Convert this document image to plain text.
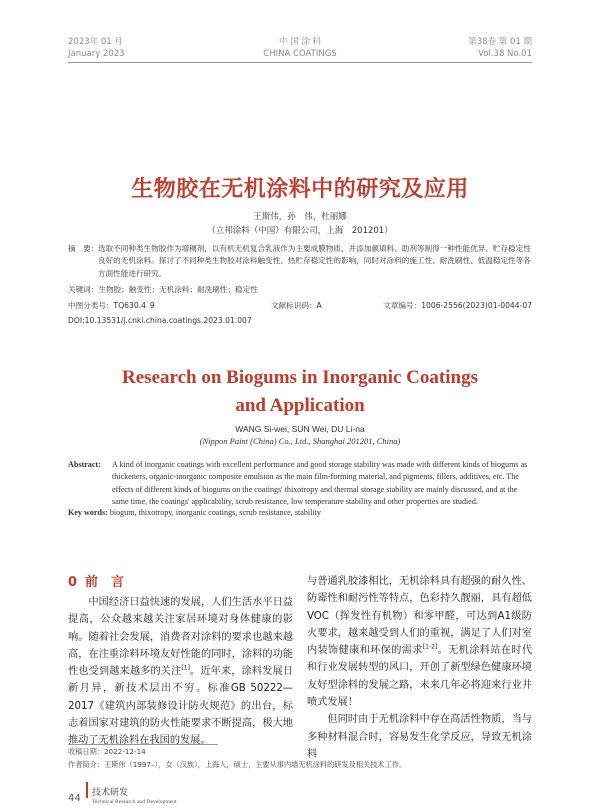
2023年 01 月
January 2023
中 国 涂 料
CHINA COATINGS
第38卷 第 01 期
Vol.38 No.01
生物胶在无机涂料中的研究及应用
王斯伟，孙　伟，杜丽娜
（立邦涂料（中国）有限公司，上海　201201）
摘　要： 选取不同种类生物胶作为增稠剂，以有机无机复合乳液作为主要成膜物质，并添加颜填料、助剂等制得一种性能优异、贮存稳定性良好的无机涂料。探讨了不同种类生物胶对涂料触变性、热贮存稳定性的影响，同时对涂料的施工性、耐洗刷性、低温稳定性等各方面性能进行研究。
关键词：生物胶；触变性；无机涂料；耐洗刷性；稳定性
中图分类号：TQ630.4˙9	文献标识码：A	文章编号：1006-2556(2023)01-0044-07
DOI:10.13531/j.cnki.china.coatings.2023.01.007
Research on Biogums in Inorganic Coatings
and Application
WANG Si-wei, SUN Wei, DU Li-na
(Nippon Paint (China) Co., Ltd., Shanghai 201201, China)
Abstract: A kind of inorganic coatings with excellent performance and good storage stability was made with different kinds of biogums as thickeners, organic-inorganic composite emulsion as the main film-forming material, and pigments, fillers, additives, etc. The effects of different kinds of biogums on the coatings' thixotropy and thermal storage stability are mainly discussed, and at the same time, the coatings' applicability, scrub resistance, low temperature stability and other properties are studied.
Key words: biogum, thixotropy, inorganic coatings, scrub resistance, stability
0 前　言

中国经济日益快速的发展，人们生活水平日益提高，公众越来越关注家居环境对身体健康的影响。随着社会发展，消费者对涂料的要求也越来越高，在注重涂料环境友好性能的同时，涂料的功能性也受到越来越多的关注[1]。近年来，涂料发展日新月异，新技术层出不穷。标准GB 50222—2017《建筑内部装修设计防火规范》的出台，标志着国家对建筑的防火性能要求不断提高，极大地推动了无机涂料在我国的发展。

与普通乳胶漆相比，无机涂料具有超强的耐久性、防霉性和耐污性等特点，色彩持久靓丽，具有超低VOC（挥发性有机物）和零甲醛，可达到A1级防火要求，越来越受到人们的重视，满足了人们对室内装饰健康和环保的需求[1-2]。无机涂料站在时代和行业发展转型的风口，开创了新型绿色健康环境友好型涂料的发展之路，未来几年必将迎来行业井喷式发展！

但同时由于无机涂料中存在高活性物质，当与多种材料混合时，容易发生化学反应，导致无机涂料

收稿日期：2022-12-14
作者简介：王斯伟（1997–），女（汉族），上海人，硕士，主要从事内墙无机涂料的研发及相关技术工作。
44 技术研发
Technical Research and Development
